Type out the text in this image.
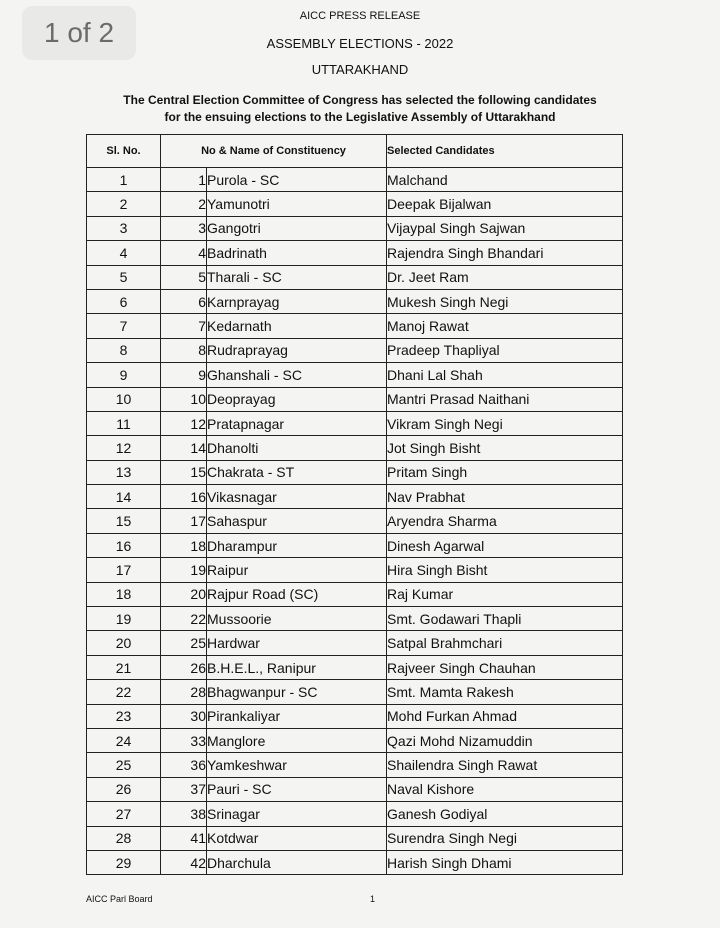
1 of 2
AICC PRESS RELEASE
ASSEMBLY ELECTIONS - 2022
UTTARAKHAND
The Central Election Committee of Congress has selected the following candidates
for the ensuing elections to the Legislative Assembly of Uttarakhand
Sl. No.	No & Name of Constituency		Selected Candidates
1	1	Purola - SC	Malchand
2	2	Yamunotri	Deepak Bijalwan
3	3	Gangotri	Vijaypal Singh Sajwan
4	4	Badrinath	Rajendra Singh Bhandari
5	5	Tharali - SC	Dr. Jeet Ram
6	6	Karnprayag	Mukesh Singh Negi
7	7	Kedarnath	Manoj Rawat
8	8	Rudraprayag	Pradeep Thapliyal
9	9	Ghanshali - SC	Dhani Lal Shah
10	10	Deoprayag	Mantri Prasad Naithani
11	12	Pratapnagar	Vikram Singh Negi
12	14	Dhanolti	Jot Singh Bisht
13	15	Chakrata - ST	Pritam Singh
14	16	Vikasnagar	Nav Prabhat
15	17	Sahaspur	Aryendra Sharma
16	18	Dharampur	Dinesh Agarwal
17	19	Raipur	Hira Singh Bisht
18	20	Rajpur Road (SC)	Raj Kumar
19	22	Mussoorie	Smt. Godawari Thapli
20	25	Hardwar	Satpal Brahmchari
21	26	B.H.E.L., Ranipur	Rajveer Singh Chauhan
22	28	Bhagwanpur - SC	Smt. Mamta Rakesh
23	30	Pirankaliyar	Mohd Furkan Ahmad
24	33	Manglore	Qazi Mohd Nizamuddin
25	36	Yamkeshwar	Shailendra Singh Rawat
26	37	Pauri - SC	Naval Kishore
27	38	Srinagar	Ganesh Godiyal
28	41	Kotdwar	Surendra Singh Negi
29	42	Dharchula	Harish Singh Dhami
AICC Parl Board	1
